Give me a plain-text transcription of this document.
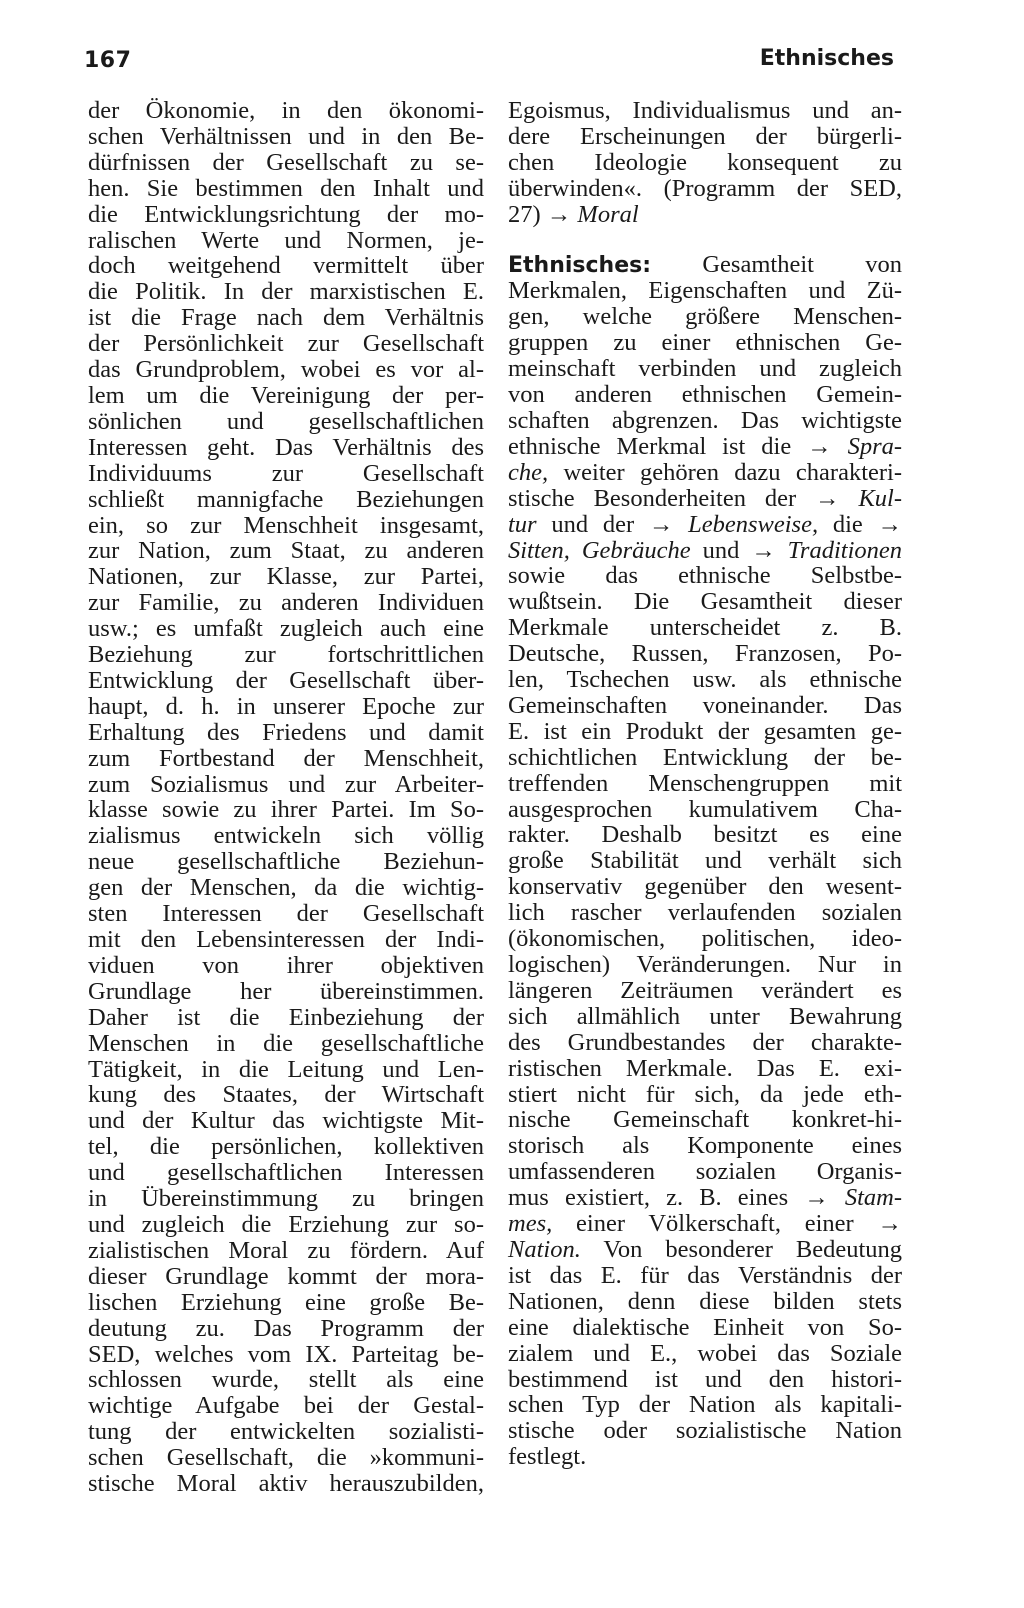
167	Ethnisches
der Ökonomie, in den ökonomi-
schen Verhältnissen und in den Be-
dürfnissen der Gesellschaft zu se-
hen. Sie bestimmen den Inhalt und
die Entwicklungsrichtung der mo-
ralischen Werte und Normen, je-
doch weitgehend vermittelt über
die Politik. In der marxistischen E.
ist die Frage nach dem Verhältnis
der Persönlichkeit zur Gesellschaft
das Grundproblem, wobei es vor al-
lem um die Vereinigung der per-
sönlichen und gesellschaftlichen
Interessen geht. Das Verhältnis des
Individuums zur Gesellschaft
schließt mannigfache Beziehungen
ein, so zur Menschheit insgesamt,
zur Nation, zum Staat, zu anderen
Nationen, zur Klasse, zur Partei,
zur Familie, zu anderen Individuen
usw.; es umfaßt zugleich auch eine
Beziehung zur fortschrittlichen
Entwicklung der Gesellschaft über-
haupt, d. h. in unserer Epoche zur
Erhaltung des Friedens und damit
zum Fortbestand der Menschheit,
zum Sozialismus und zur Arbeiter-
klasse sowie zu ihrer Partei. Im So-
zialismus entwickeln sich völlig
neue gesellschaftliche Beziehun-
gen der Menschen, da die wichtig-
sten Interessen der Gesellschaft
mit den Lebensinteressen der Indi-
viduen von ihrer objektiven
Grundlage her übereinstimmen.
Daher ist die Einbeziehung der
Menschen in die gesellschaftliche
Tätigkeit, in die Leitung und Len-
kung des Staates, der Wirtschaft
und der Kultur das wichtigste Mit-
tel, die persönlichen, kollektiven
und gesellschaftlichen Interessen
in Übereinstimmung zu bringen
und zugleich die Erziehung zur so-
zialistischen Moral zu fördern. Auf
dieser Grundlage kommt der mora-
lischen Erziehung eine große Be-
deutung zu. Das Programm der
SED, welches vom IX. Parteitag be-
schlossen wurde, stellt als eine
wichtige Aufgabe bei der Gestal-
tung der entwickelten sozialisti-
schen Gesellschaft, die »kommuni-
stische Moral aktiv herauszubilden,
Egoismus, Individualismus und an-
dere Erscheinungen der bürgerli-
chen Ideologie konsequent zu
überwinden«. (Programm der SED,
27) → Moral
Ethnisches: Gesamtheit von
Merkmalen, Eigenschaften und Zü-
gen, welche größere Menschen-
gruppen zu einer ethnischen Ge-
meinschaft verbinden und zugleich
von anderen ethnischen Gemein-
schaften abgrenzen. Das wichtigste
ethnische Merkmal ist die → Spra-
che, weiter gehören dazu charakteri-
stische Besonderheiten der → Kul-
tur und der → Lebensweise, die →
Sitten, Gebräuche und → Traditionen
sowie das ethnische Selbstbe-
wußtsein. Die Gesamtheit dieser
Merkmale unterscheidet z. B.
Deutsche, Russen, Franzosen, Po-
len, Tschechen usw. als ethnische
Gemeinschaften voneinander. Das
E. ist ein Produkt der gesamten ge-
schichtlichen Entwicklung der be-
treffenden Menschengruppen mit
ausgesprochen kumulativem Cha-
rakter. Deshalb besitzt es eine
große Stabilität und verhält sich
konservativ gegenüber den wesent-
lich rascher verlaufenden sozialen
(ökonomischen, politischen, ideo-
logischen) Veränderungen. Nur in
längeren Zeiträumen verändert es
sich allmählich unter Bewahrung
des Grundbestandes der charakte-
ristischen Merkmale. Das E. exi-
stiert nicht für sich, da jede eth-
nische Gemeinschaft konkret-hi-
storisch als Komponente eines
umfassenderen sozialen Organis-
mus existiert, z. B. eines → Stam-
mes, einer Völkerschaft, einer →
Nation. Von besonderer Bedeutung
ist das E. für das Verständnis der
Nationen, denn diese bilden stets
eine dialektische Einheit von So-
zialem und E., wobei das Soziale
bestimmend ist und den histori-
schen Typ der Nation als kapitali-
stische oder sozialistische Nation
festlegt.
